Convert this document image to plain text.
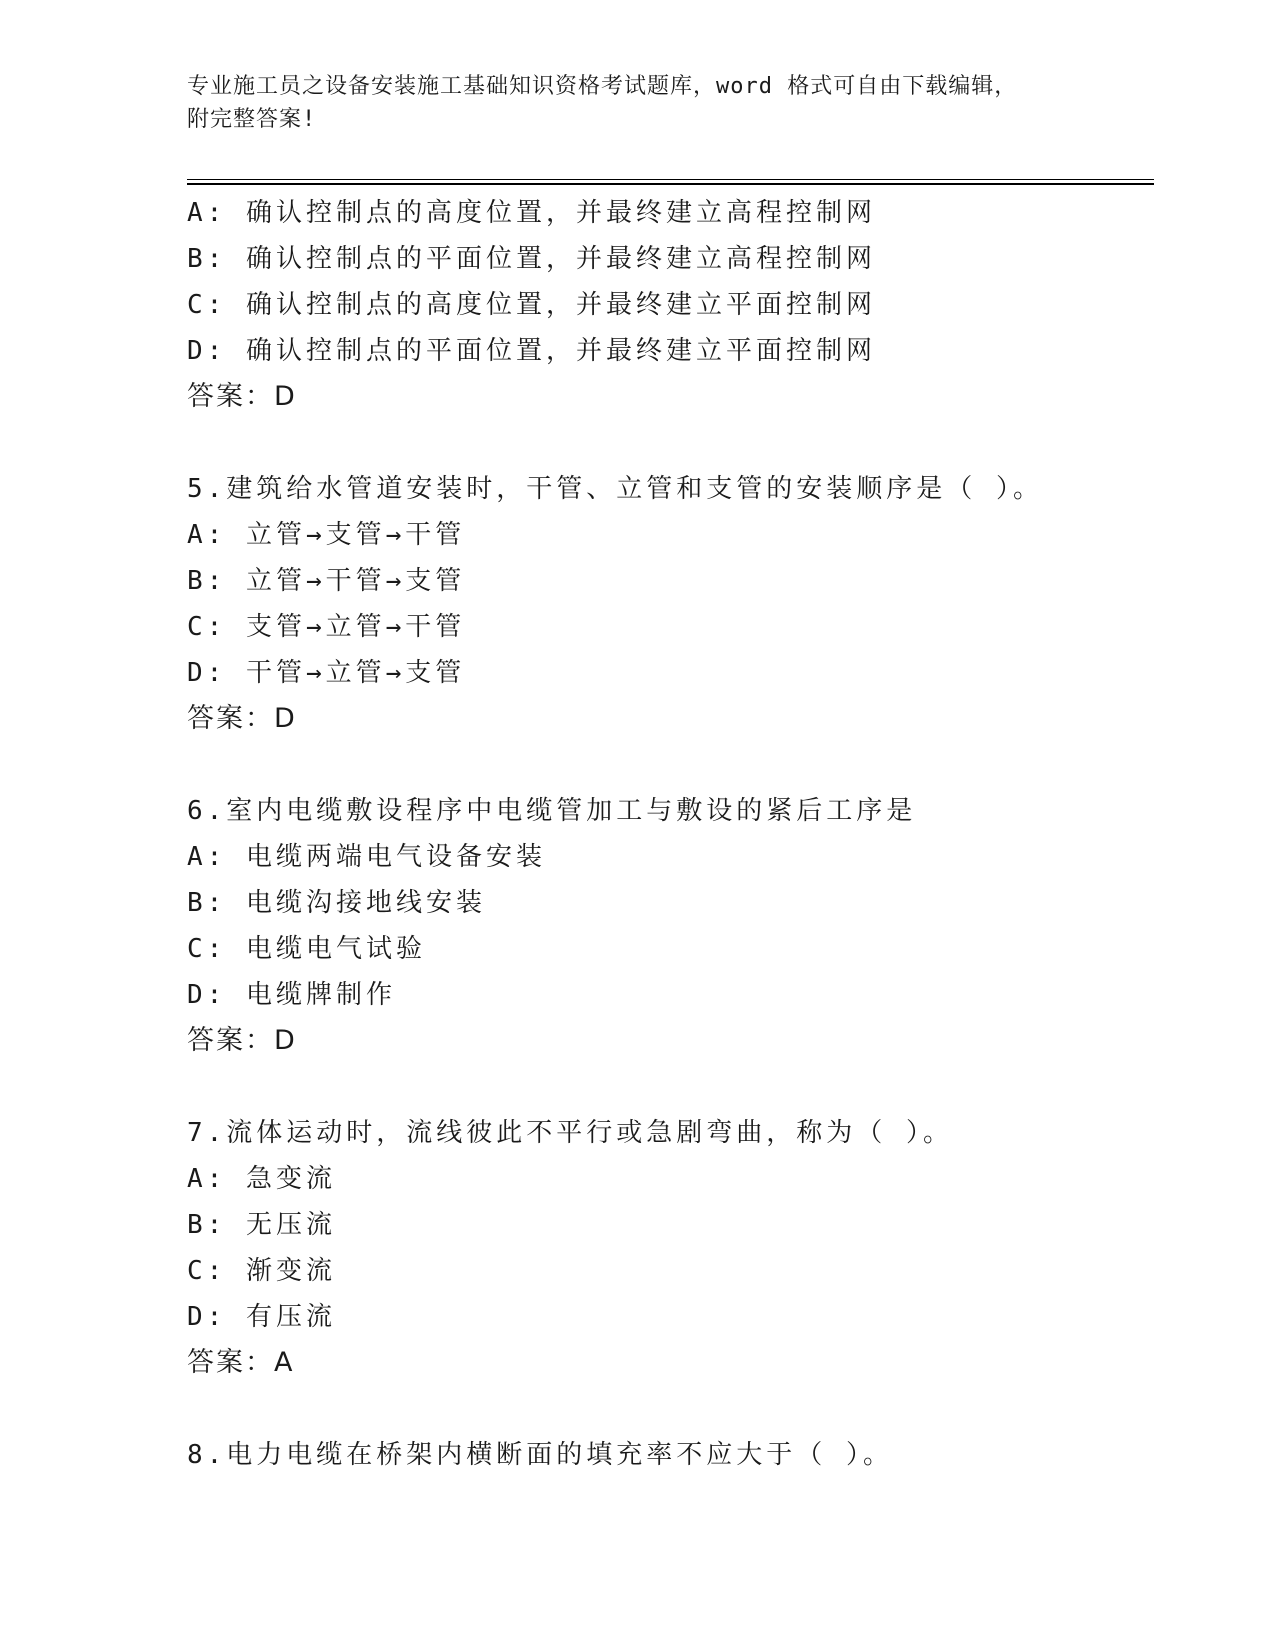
专业施工员之设备安装施工基础知识资格考试题库，word 格式可自由下载编辑，
附完整答案!
A: 确认控制点的高度位置，并最终建立高程控制网
B: 确认控制点的平面位置，并最终建立高程控制网
C: 确认控制点的高度位置，并最终建立平面控制网
D: 确认控制点的平面位置，并最终建立平面控制网
答案：D
5.建筑给水管道安装时，干管、立管和支管的安装顺序是（ ）。
A: 立管→支管→干管
B: 立管→干管→支管
C: 支管→立管→干管
D: 干管→立管→支管
答案：D
6.室内电缆敷设程序中电缆管加工与敷设的紧后工序是
A: 电缆两端电气设备安装
B: 电缆沟接地线安装
C: 电缆电气试验
D: 电缆牌制作
答案：D
7.流体运动时，流线彼此不平行或急剧弯曲，称为（ ）。
A: 急变流
B: 无压流
C: 渐变流
D: 有压流
答案：A
8.电力电缆在桥架内横断面的填充率不应大于（ ）。
